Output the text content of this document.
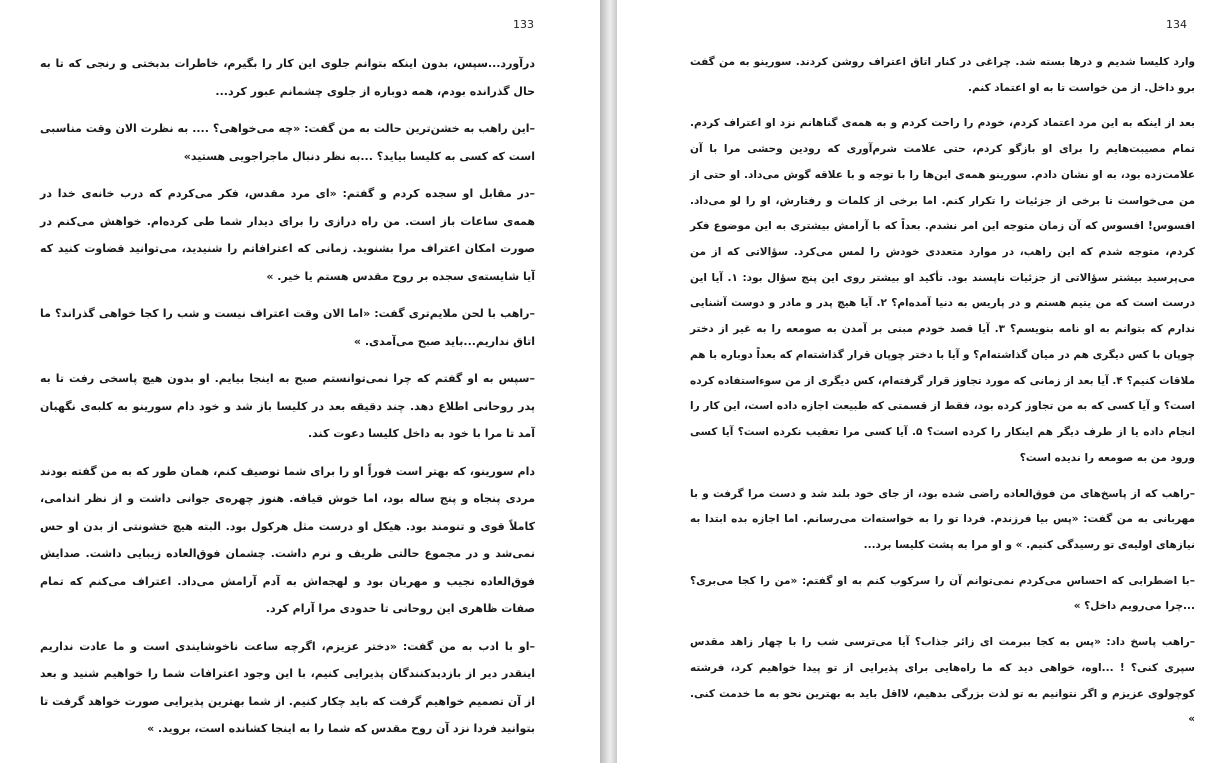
133

درآورد...سپس، بدون اینکه بتوانم جلوی این کار را بگیرم، خاطرات بدبختی و رنجی که تا به حال گذرانده بودم، همه دوباره از جلوی چشمانم عبور کرد...

–این راهب به خشن‌ترین حالت به من گفت: «چه می‌خواهی؟ .... به نظرت الان وقت مناسبی است که کسی به کلیسا بیاید؟ ...به نظر دنبال ماجراجویی هستید»

–در مقابل او سجده کردم و گفتم: «ای مرد مقدس، فکر می‌کردم که درب خانه‌ی خدا در همه‌ی ساعات باز است. من راه درازی را برای دیدار شما طی کرده‌ام. خواهش می‌کنم در صورت امکان اعتراف مرا بشنوید. زمانی که اعترافاتم را شنیدید، می‌توانید قضاوت کنید که آیا شایسته‌ی سجده بر روح مقدس هستم یا خیر. »

–راهب با لحن ملایم‌تری گفت: «اما الان وقت اعتراف نیست و شب را کجا خواهی گذراند؟ ما اتاق نداریم...باید صبح می‌آمدی. »

–سپس به او گفتم که چرا نمی‌توانستم صبح به اینجا بیایم. او بدون هیچ پاسخی رفت تا به پدر روحانی اطلاع دهد. چند دقیقه بعد در کلیسا باز شد و خود دام سورینو به کلبه‌ی نگهبان آمد تا مرا با خود به داخل کلیسا دعوت کند.

دام سورینو، که بهتر است فوراً او را برای شما توصیف کنم، همان طور که به من گفته بودند مردی پنجاه و پنج ساله بود، اما خوش قیافه. هنوز چهره‌ی جوانی داشت و از نظر اندامی، کاملاً قوی و تنومند بود. هیکل او درست مثل هرکول بود. البته هیچ خشونتی از بدن او حس نمی‌شد و در مجموع حالتی ظریف و نرم داشت. چشمان فوق‌العاده زیبایی داشت. صدایش فوق‌العاده نجیب و مهربان بود و لهجه‌اش به آدم آرامش می‌داد. اعتراف می‌کنم که تمام صفات ظاهری این روحانی تا حدودی مرا آرام کرد.

–او با ادب به من گفت: «دختر عزیزم، اگرچه ساعت ناخوشایندی است و ما عادت نداریم اینقدر دیر از بازدیدکنندگان پذیرایی کنیم، با این وجود اعترافات شما را خواهیم شنید و بعد از آن تصمیم خواهیم گرفت که باید چکار کنیم. از شما بهترین پذیرایی صورت خواهد گرفت تا بتوانید فردا نزد آن روح مقدس که شما را به اینجا کشانده است، بروید. »

134

وارد کلیسا شدیم و درها بسته شد. چراغی در کنار اتاق اعتراف روشن کردند. سورینو به من گفت برو داخل. از من خواست تا به او اعتماد کنم.

بعد از اینکه به این مرد اعتماد کردم، خودم را راحت کردم و به همه‌ی گناهانم نزد او اعتراف کردم. تمام مصیبت‌هایم را برای او بازگو کردم، حتی علامت شرم‌آوری که رودین وحشی مرا با آن علامت‌زده بود، به او نشان دادم. سورینو همه‌ی این‌ها را با توجه و با علاقه گوش می‌داد. او حتی از من می‌خواست تا برخی از جزئیات را تکرار کنم. اما برخی از کلمات و رفتارش، او را لو می‌داد. افسوس! افسوس که آن زمان متوجه این امر نشدم. بعداً که با آرامش بیشتری به این موضوع فکر کردم، متوجه شدم که این راهب، در موارد متعددی خودش را لمس می‌کرد. سؤالاتی که از من می‌پرسید بیشتر سؤالاتی از جزئیات ناپسند بود. تأکید او بیشتر روی این پنج سؤال بود: ۱. آیا این درست است که من یتیم هستم و در پاریس به دنیا آمده‌ام؟ ۲. آیا هیچ پدر و مادر و دوست آشنایی ندارم که بتوانم به او نامه بنویسم؟ ۳. آیا قصد خودم مبنی بر آمدن به صومعه را به غیر از دختر چوپان با کس دیگری هم در میان گذاشته‌ام؟ و آیا با دختر چوپان قرار گذاشته‌ام که بعداً دوباره با هم ملاقات کنیم؟ ۴. آیا بعد از زمانی که مورد تجاوز قرار گرفته‌ام، کس دیگری از من سوءاستفاده کرده است؟ و آیا کسی که به من تجاوز کرده بود، فقط از قسمتی که طبیعت اجازه داده است، این کار را انجام داده یا از طرف دیگر هم اینکار را کرده است؟ ۵. آیا کسی مرا تعقیب نکرده است؟ آیا کسی ورود من به صومعه را ندیده است؟

–راهب که از پاسخ‌های من فوق‌العاده راضی شده بود، از جای خود بلند شد و دست مرا گرفت و با مهربانی به من گفت: «پس بیا فرزندم. فردا تو را به خواسته‌ات می‌رسانم. اما اجازه بده ابتدا به نیازهای اولیه‌ی تو رسیدگی کنیم. » و او مرا به پشت کلیسا برد...

–با اضطرابی که احساس می‌کردم نمی‌توانم آن را سرکوب کنم به او گفتم: «من را کجا می‌بری؟ ...چرا می‌رویم داخل؟ »

–راهب پاسخ داد: «پس به کجا ببرمت ای زائر جذاب؟ آیا می‌ترسی شب را با چهار زاهد مقدس سپری کنی؟ ! ...اوه، خواهی دید که ما راه‌هایی برای پذیرایی از تو پیدا خواهیم کرد، فرشته کوچولوی عزیزم و اگر نتوانیم به تو لذت بزرگی بدهیم، لااقل باید به بهترین نحو به ما خدمت کنی. »
